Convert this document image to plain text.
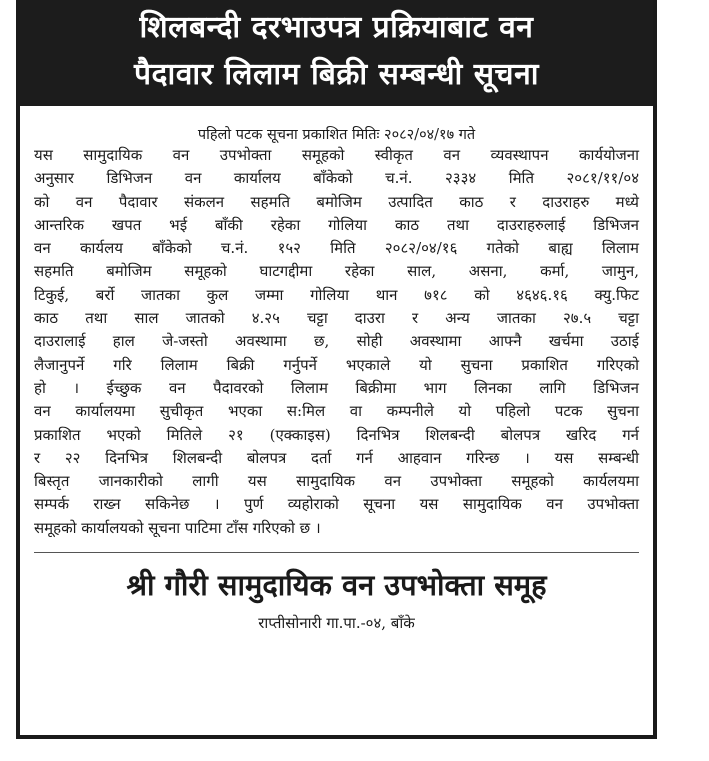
शिलबन्दी दरभाउपत्र प्रक्रियाबाट वन
पैदावार लिलाम बिक्री सम्बन्धी सूचना
पहिलो पटक सूचना प्रकाशित मितिः २०८२/०४/१७ गते
यस सामुदायिक वन उपभोक्ता समूहको स्वीकृत वन व्यवस्थापन कार्ययोजना
अनुसार डिभिजन वन कार्यालय बाँकेको च.नं. २३३४ मिति २०८१/११/०४
को वन पैदावार संकलन सहमति बमोजिम उत्पादित काठ र दाउराहरु मध्ये
आन्तरिक खपत भई बाँकी रहेका गोलिया काठ तथा दाउराहरुलाई डिभिजन
वन कार्यलय बाँकेको च.नं. १५२ मिति २०८२/०४/१६ गतेको बाह्य लिलाम
सहमति बमोजिम समूहको घाटगद्दीमा रहेका साल, असना, कर्मा, जामुन,
टिकुई, बर्रो जातका कुल जम्मा गोलिया थान ७१८ को ४६४६.१६ क्यु.फिट
काठ तथा साल जातको ४.२५ चट्टा दाउरा र अन्य जातका २७.५ चट्टा
दाउरालाई हाल जे-जस्तो अवस्थामा छ, सोही अवस्थामा आफ्नै खर्चमा उठाई
लैजानुपर्ने गरि लिलाम बिक्री गर्नुपर्ने भएकाले यो सुचना प्रकाशित गरिएको
हो । ईच्छुक वन पैदावरको लिलाम बिक्रीमा भाग लिनका लागि डिभिजन
वन कार्यालयमा सुचीकृत भएका स:मिल वा कम्पनीले यो पहिलो पटक सुचना
प्रकाशित भएको मितिले २१ (एक्काइस) दिनभित्र शिलबन्दी बोलपत्र खरिद गर्न
र २२ दिनभित्र शिलबन्दी बोलपत्र दर्ता गर्न आहवान गरिन्छ । यस सम्बन्धी
बिस्तृत जानकारीको लागी यस सामुदायिक वन उपभोक्ता समूहको कार्यलयमा
सम्पर्क राख्न सकिनेछ । पुर्ण व्यहोराको सूचना यस सामुदायिक वन उपभोक्ता
समूहको कार्यालयको सूचना पाटिमा टाँस गरिएको छ ।
श्री गौरी सामुदायिक वन उपभोक्ता समूह
राप्तीसोनारी गा.पा.-०४, बाँके
